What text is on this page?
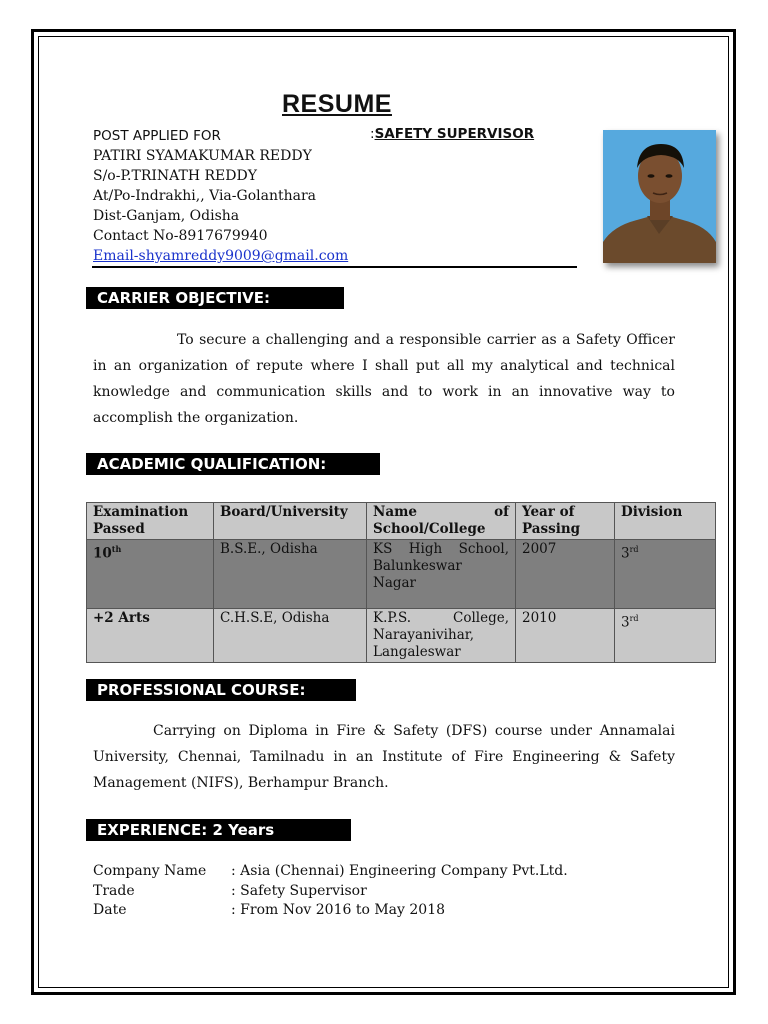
RESUME
POST APPLIED FOR	:SAFETY SUPERVISOR
PATIRI SYAMAKUMAR REDDY
S/o-P.TRINATH REDDY
At/Po-Indrakhi,, Via-Golanthara
Dist-Ganjam, Odisha
Contact No-8917679940
Email-shyamreddy9009@gmail.com
CARRIER OBJECTIVE:
To secure a challenging and a responsible carrier as a Safety Officer in an organization of repute where I shall put all my analytical and technical knowledge and communication skills and to work in an innovative way to accomplish the organization.
ACADEMIC QUALIFICATION:
Examination Passed	Board/University	Name of School/College	Year of Passing	Division
10th	B.S.E., Odisha	KS High School, Balunkeswar Nagar	2007	3rd
+2 Arts	C.H.S.E, Odisha	K.P.S. College, Narayanivihar, Langaleswar	2010	3rd
PROFESSIONAL COURSE:
Carrying on Diploma in Fire & Safety (DFS) course under Annamalai University, Chennai, Tamilnadu in an Institute of Fire Engineering & Safety Management (NIFS), Berhampur Branch.
EXPERIENCE: 2 Years
Company Name : Asia (Chennai) Engineering Company Pvt.Ltd.
Trade	: Safety Supervisor
Date	: From Nov 2016 to May 2018
